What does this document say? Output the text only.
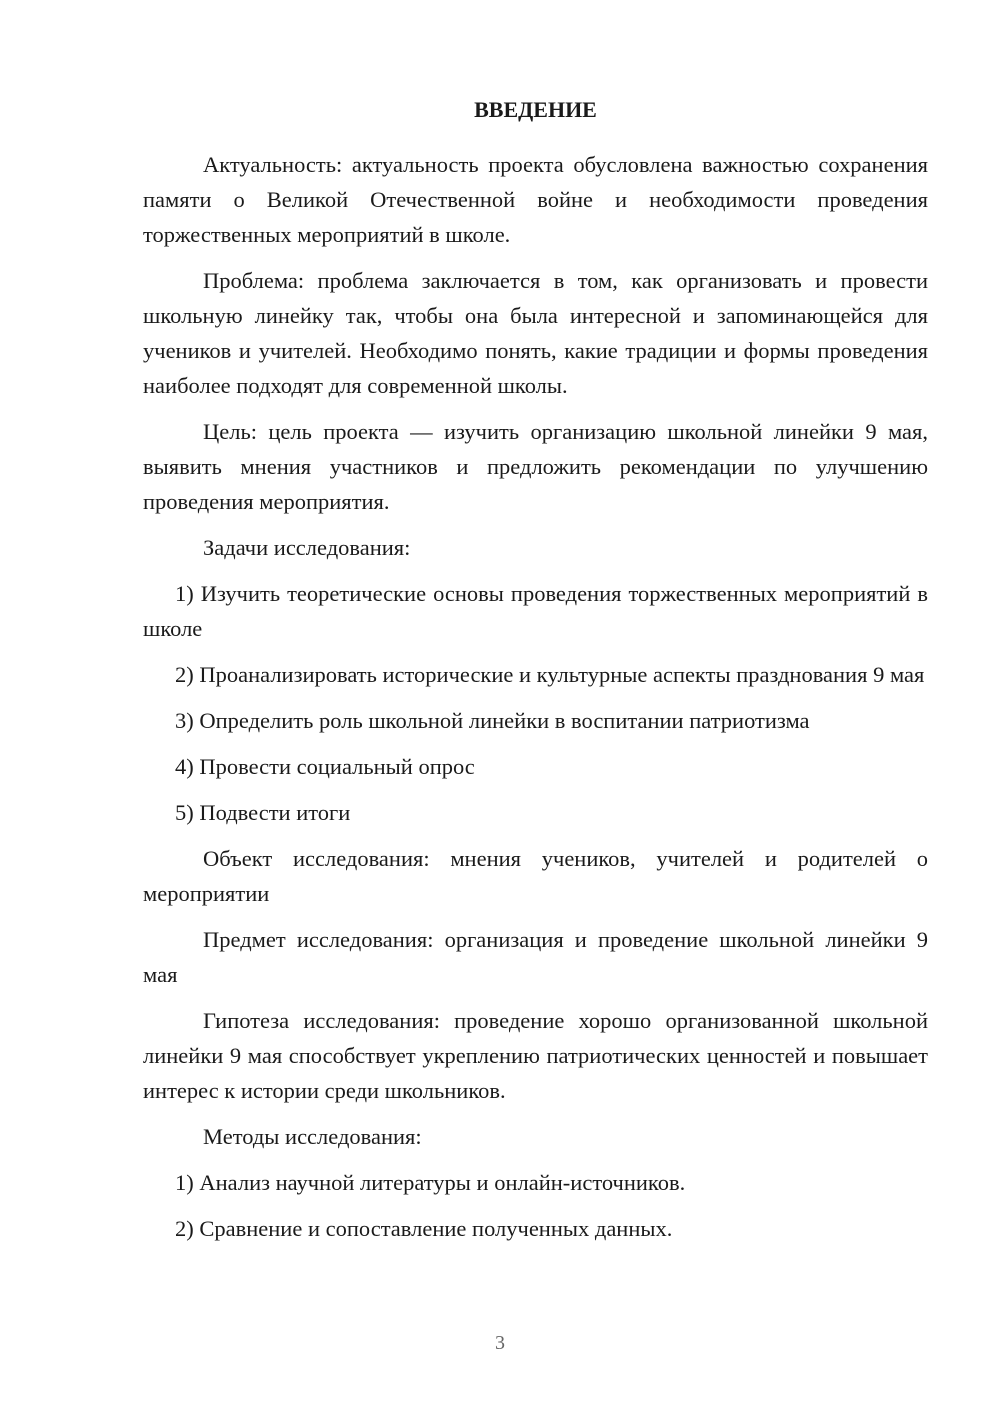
ВВЕДЕНИЕ

Актуальность: актуальность проекта обусловлена важностью сохранения памяти о Великой Отечественной войне и необходимости проведения торжественных мероприятий в школе.

Проблема: проблема заключается в том, как организовать и провести школьную линейку так, чтобы она была интересной и запоминающейся для учеников и учителей. Необходимо понять, какие традиции и формы проведения наиболее подходят для современной школы.

Цель: цель проекта — изучить организацию школьной линейки 9 мая, выявить мнения участников и предложить рекомендации по улучшению проведения мероприятия.

Задачи исследования:

1) Изучить теоретические основы проведения торжественных мероприятий в школе

2) Проанализировать исторические и культурные аспекты празднования 9 мая

3) Определить роль школьной линейки в воспитании патриотизма

4) Провести социальный опрос

5) Подвести итоги

Объект исследования: мнения учеников, учителей и родителей о мероприятии

Предмет исследования: организация и проведение школьной линейки 9 мая

Гипотеза исследования: проведение хорошо организованной школьной линейки 9 мая способствует укреплению патриотических ценностей и повышает интерес к истории среди школьников.

Методы исследования:

1) Анализ научной литературы и онлайн-источников.

2) Сравнение и сопоставление полученных данных.

3
